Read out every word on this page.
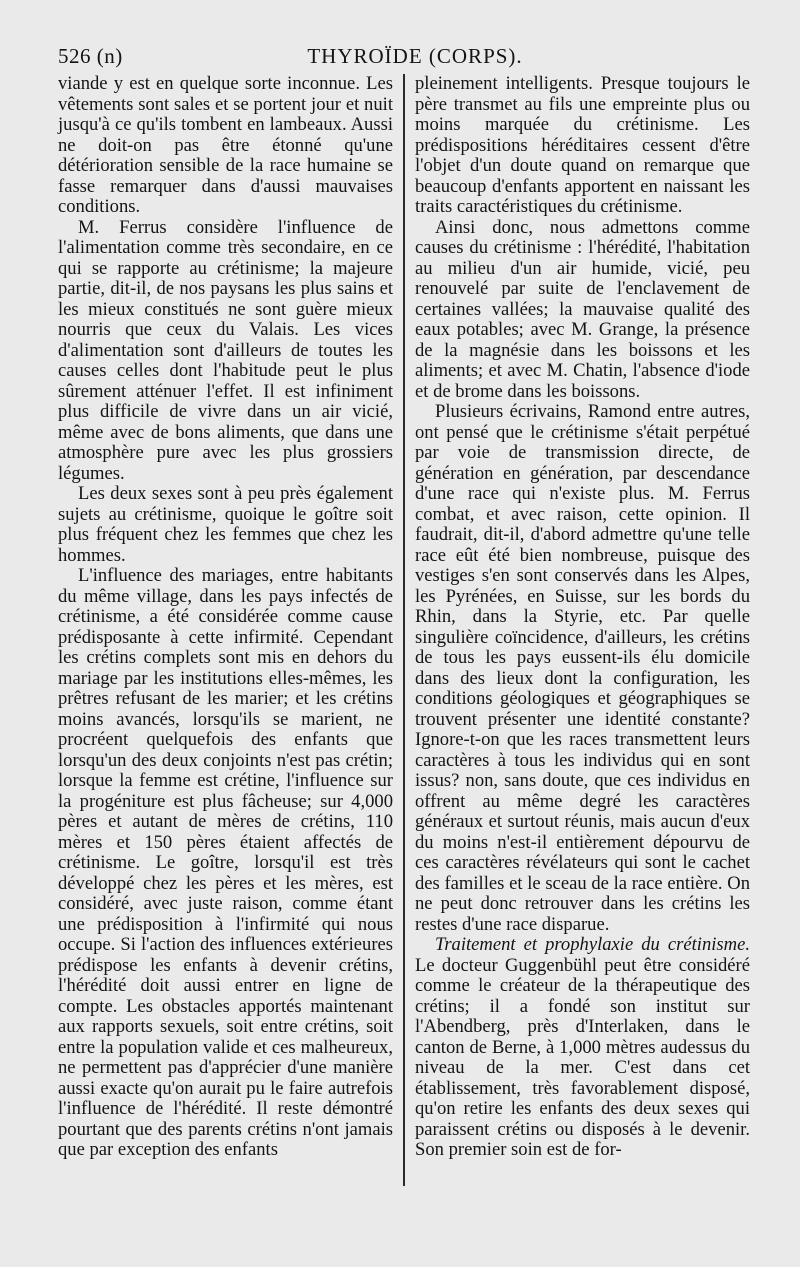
526 (n)	THYROÏDE (CORPS).

viande y est en quelque sorte inconnue. Les vêtements sont sales et se portent jour et nuit jusqu'à ce qu'ils tombent en lambeaux. Aussi ne doit-on pas être étonné qu'une détérioration sensible de la race humaine se fasse remarquer dans d'aussi mauvaises conditions.

M. Ferrus considère l'influence de l'alimentation comme très secondaire, en ce qui se rapporte au crétinisme; la majeure partie, dit-il, de nos paysans les plus sains et les mieux constitués ne sont guère mieux nourris que ceux du Valais. Les vices d'alimentation sont d'ailleurs de toutes les causes celles dont l'habitude peut le plus sûrement atténuer l'effet. Il est infiniment plus difficile de vivre dans un air vicié, même avec de bons aliments, que dans une atmosphère pure avec les plus grossiers légumes.

Les deux sexes sont à peu près également sujets au crétinisme, quoique le goître soit plus fréquent chez les femmes que chez les hommes.

L'influence des mariages, entre habitants du même village, dans les pays infectés de crétinisme, a été considérée comme cause prédisposante à cette infirmité. Cependant les crétins complets sont mis en dehors du mariage par les institutions elles-mêmes, les prêtres refusant de les marier; et les crétins moins avancés, lorsqu'ils se marient, ne procréent quelquefois des enfants que lorsqu'un des deux conjoints n'est pas crétin; lorsque la femme est crétine, l'influence sur la progéniture est plus fâcheuse; sur 4,000 pères et autant de mères de crétins, 110 mères et 150 pères étaient affectés de crétinisme. Le goître, lorsqu'il est très développé chez les pères et les mères, est considéré, avec juste raison, comme étant une prédisposition à l'infirmité qui nous occupe. Si l'action des influences extérieures prédispose les enfants à devenir crétins, l'hérédité doit aussi entrer en ligne de compte. Les obstacles apportés maintenant aux rapports sexuels, soit entre crétins, soit entre la population valide et ces malheureux, ne permettent pas d'apprécier d'une manière aussi exacte qu'on aurait pu le faire autrefois l'influence de l'hérédité. Il reste démontré pourtant que des parents crétins n'ont jamais que par exception des enfants

pleinement intelligents. Presque toujours le père transmet au fils une empreinte plus ou moins marquée du crétinisme. Les prédispositions héréditaires cessent d'être l'objet d'un doute quand on remarque que beaucoup d'enfants apportent en naissant les traits caractéristiques du crétinisme.

Ainsi donc, nous admettons comme causes du crétinisme : l'hérédité, l'habitation au milieu d'un air humide, vicié, peu renouvelé par suite de l'enclavement de certaines vallées; la mauvaise qualité des eaux potables; avec M. Grange, la présence de la magnésie dans les boissons et les aliments; et avec M. Chatin, l'absence d'iode et de brome dans les boissons.

Plusieurs écrivains, Ramond entre autres, ont pensé que le crétinisme s'était perpétué par voie de transmission directe, de génération en génération, par descendance d'une race qui n'existe plus. M. Ferrus combat, et avec raison, cette opinion. Il faudrait, dit-il, d'abord admettre qu'une telle race eût été bien nombreuse, puisque des vestiges s'en sont conservés dans les Alpes, les Pyrénées, en Suisse, sur les bords du Rhin, dans la Styrie, etc. Par quelle singulière coïncidence, d'ailleurs, les crétins de tous les pays eussent-ils élu domicile dans des lieux dont la configuration, les conditions géologiques et géographiques se trouvent présenter une identité constante? Ignore-t-on que les races transmettent leurs caractères à tous les individus qui en sont issus? non, sans doute, que ces individus en offrent au même degré les caractères généraux et surtout réunis, mais aucun d'eux du moins n'est-il entièrement dépourvu de ces caractères révélateurs qui sont le cachet des familles et le sceau de la race entière. On ne peut donc retrouver dans les crétins les restes d'une race disparue.

Traitement et prophylaxie du crétinisme. Le docteur Guggenbühl peut être considéré comme le créateur de la thérapeutique des crétins; il a fondé son institut sur l'Abendberg, près d'Interlaken, dans le canton de Berne, à 1,000 mètres audessus du niveau de la mer. C'est dans cet établissement, très favorablement disposé, qu'on retire les enfants des deux sexes qui paraissent crétins ou disposés à le devenir. Son premier soin est de for-
